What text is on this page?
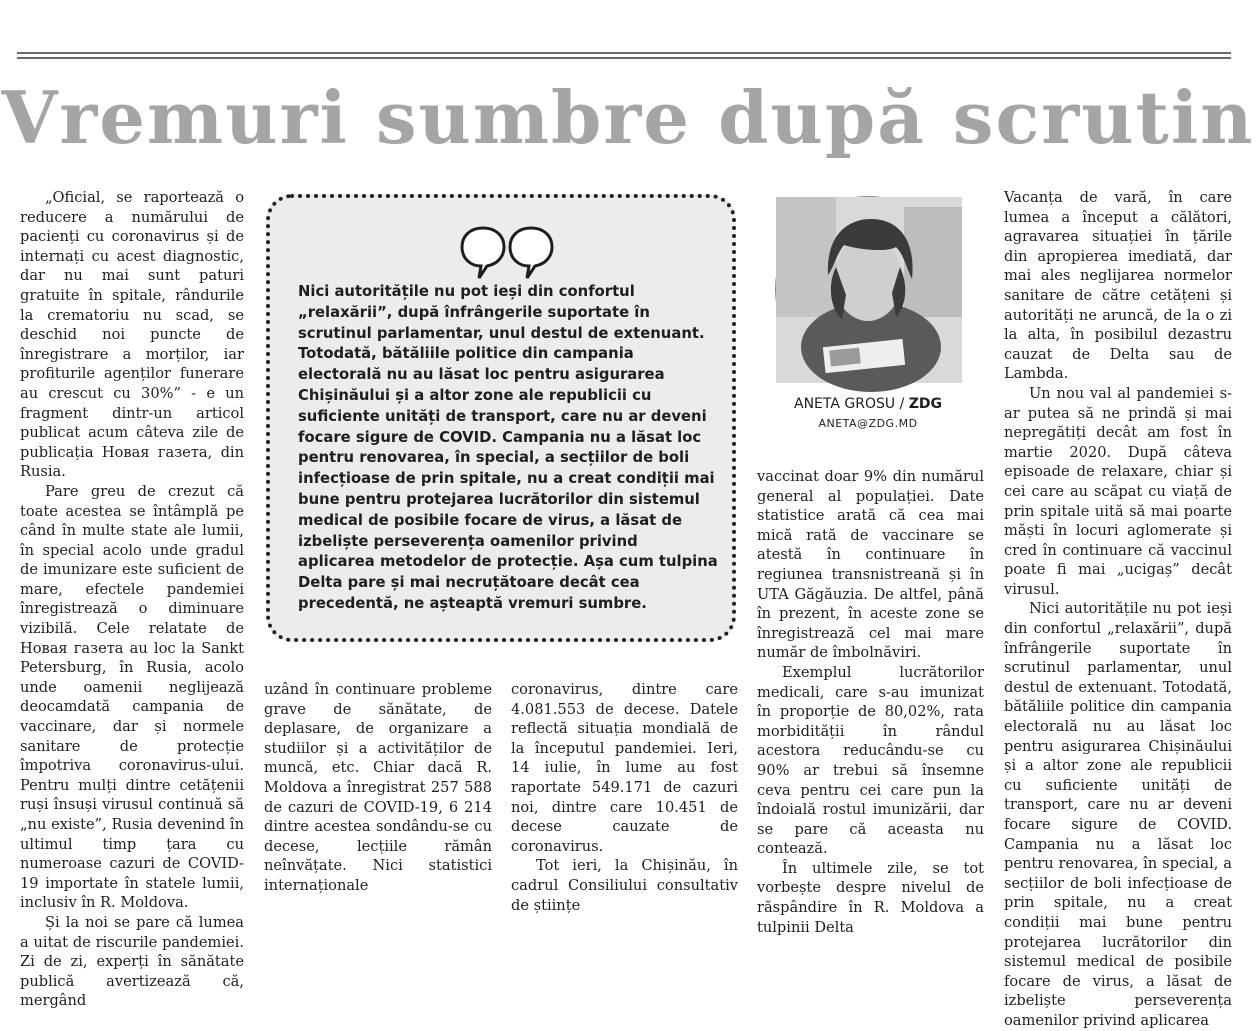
Vremuri sumbre după scrutin

„Oficial, se raportează o reducere a numărului de pacienți cu coronavirus și de internați cu acest diagnostic, dar nu mai sunt paturi gratuite în spitale, rândurile la crematoriu nu scad, se deschid noi puncte de înregistrare a morților, iar profiturile agenților funerare au crescut cu 30%” - e un fragment dintr-un articol publicat acum câteva zile de publicația Новая газета, din Rusia.

Pare greu de crezut că toate acestea se întâmplă pe când în multe state ale lumii, în special acolo unde gradul de imunizare este suficient de mare, efectele pandemiei înregistrează o diminuare vizibilă. Cele relatate de Новая газета au loc la Sankt Petersburg, în Rusia, acolo unde oamenii neglijează deocamdată campania de vaccinare, dar și normele sanitare de protecție împotriva coronavirus-ului. Pentru mulți dintre cetățenii ruși însuși virusul continuă să „nu existe”, Rusia devenind în ultimul timp țara cu numeroase cazuri de COVID-19 importate în statele lumii, inclusiv în R. Moldova.

Și la noi se pare că lumea a uitat de riscurile pandemiei. Zi de zi, experți în sănătate publică avertizează că, mergând

Nici autoritățile nu pot ieși din confortul „relaxării”, după înfrângerile suportate în scrutinul parlamentar, unul destul de extenuant. Totodată, bătăliile politice din campania electorală nu au lăsat loc pentru asigurarea Chișinăului și a altor zone ale republicii cu suficiente unități de transport, care nu ar deveni focare sigure de COVID. Campania nu a lăsat loc pentru renovarea, în special, a secțiilor de boli infecțioase de prin spitale, nu a creat condiții mai bune pentru protejarea lucrătorilor din sistemul medical de posibile focare de virus, a lăsat de izbeliște perseverența oamenilor privind aplicarea metodelor de protecție. Așa cum tulpina Delta pare și mai necruțătoare decât cea precedentă, ne așteaptă vremuri sumbre.

uzând în continuare probleme grave de sănătate, de deplasare, de organizare a studiilor și a activităților de muncă, etc. Chiar dacă R. Moldova a înregistrat 257 588 de cazuri de COVID-19, 6 214 dintre acestea sondându-se cu decese, lecțiile rămân neînvățate. Nici statistici internaționale

coronavirus, dintre care 4.081.553 de decese. Datele reflectă situația mondială de la începutul pandemiei. Ieri, 14 iulie, în lume au fost raportate 549.171 de cazuri noi, dintre care 10.451 de decese cauzate de coronavirus.

Tot ieri, la Chișinău, în cadrul Consiliului consultativ de științe

ANETA GROSU / ZDG

ANETA@ZDG.MD

vaccinat doar 9% din numărul general al populației. Date statistice arată că cea mai mică rată de vaccinare se atestă în continuare în regiunea transnistreană și în UTA Găgăuzia. De altfel, până în prezent, în aceste zone se înregistrează cel mai mare număr de îmbolnăviri.

Exemplul lucrătorilor medicali, care s-au imunizat în proporție de 80,02%, rata morbidității în rândul acestora reducându-se cu 90% ar trebui să însemne ceva pentru cei care pun la îndoială rostul imunizării, dar se pare că aceasta nu contează.

În ultimele zile, se tot vorbește despre nivelul de răspândire în R. Moldova a tulpinii Delta

Vacanța de vară, în care lumea a început a călători, agravarea situației în țările din apropierea imediată, dar mai ales neglijarea normelor sanitare de către cetățeni și autorități ne aruncă, de la o zi la alta, în posibilul dezastru cauzat de Delta sau de Lambda.

Un nou val al pandemiei s-ar putea să ne prindă și mai nepregătiți decât am fost în martie 2020. După câteva episoade de relaxare, chiar și cei care au scăpat cu viață de prin spitale uită să mai poarte măști în locuri aglomerate și cred în continuare că vaccinul poate fi mai „ucigaș” decât virusul.

Nici autoritățile nu pot ieși din confortul „relaxării”, după înfrângerile suportate în scrutinul parlamentar, unul destul de extenuant. Totodată, bătăliile politice din campania electorală nu au lăsat loc pentru asigurarea Chișinăului și a altor zone ale republicii cu suficiente unități de transport, care nu ar deveni focare sigure de COVID. Campania nu a lăsat loc pentru renovarea, în special, a secțiilor de boli infecțioase de prin spitale, nu a creat condiții mai bune pentru protejarea lucrătorilor din sistemul medical de posibile focare de virus, a lăsat de izbeliște perseverența oamenilor privind aplicarea
